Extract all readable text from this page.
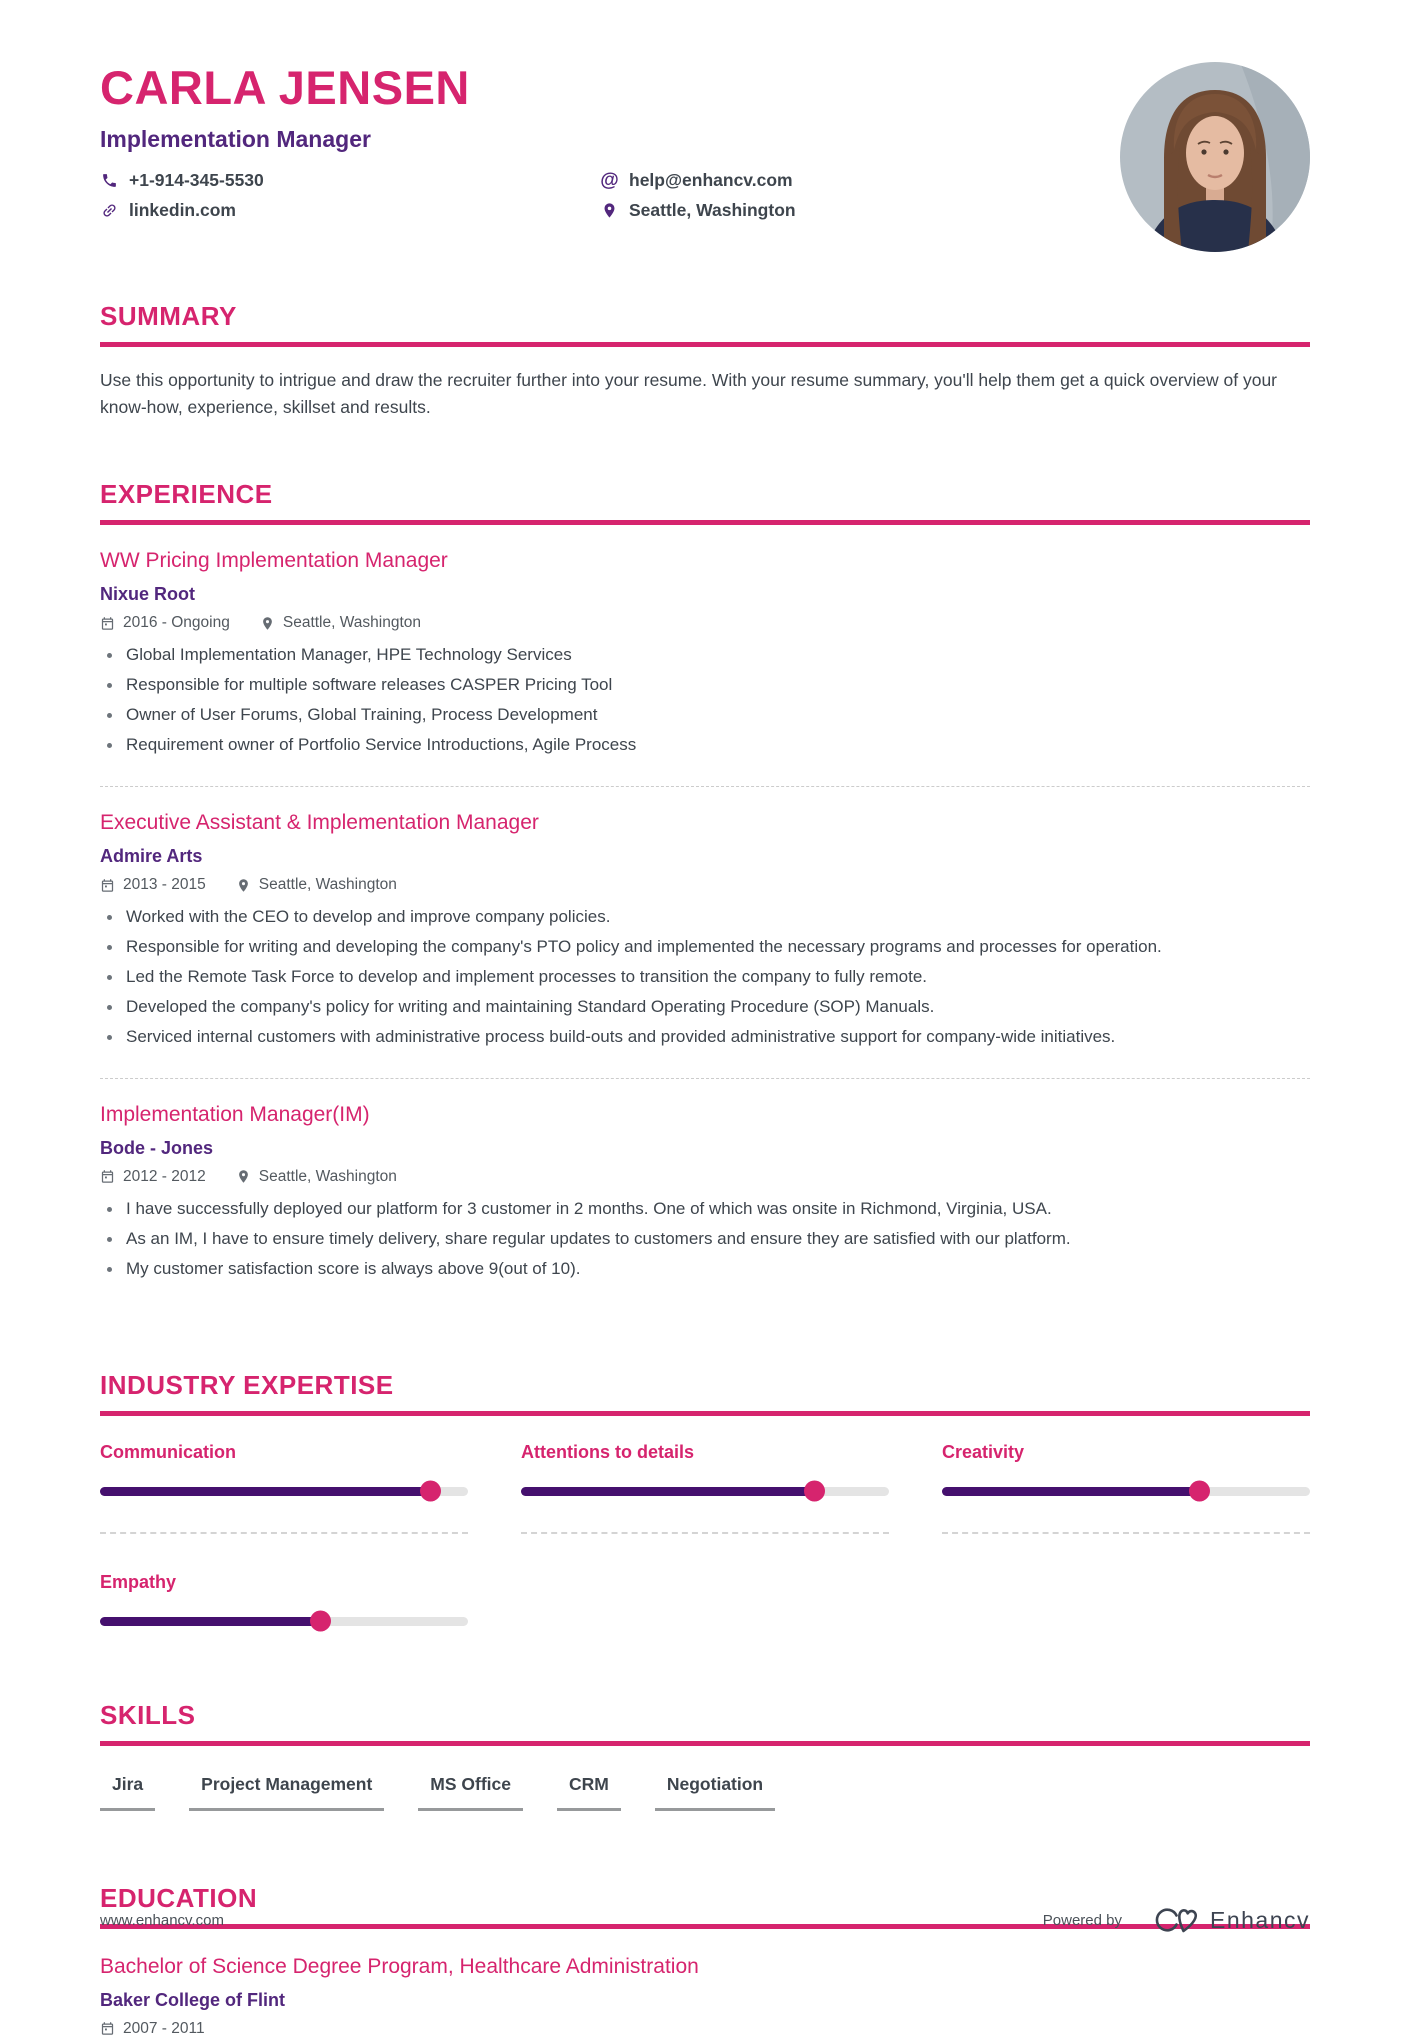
CARLA JENSEN
Implementation Manager
+1-914-345-5530	@ help@enhancv.com
linkedin.com	Seattle, Washington
SUMMARY

Use this opportunity to intrigue and draw the recruiter further into your resume. With your resume summary, you'll help them get a quick overview of your know-how, experience, skillset and results.

EXPERIENCE
WW Pricing Implementation Manager
Nixue Root
2016 - Ongoing	Seattle, Washington
Global Implementation Manager, HPE Technology Services
Responsible for multiple software releases CASPER Pricing Tool
Owner of User Forums, Global Training, Process Development
Requirement owner of Portfolio Service Introductions, Agile Process
Executive Assistant & Implementation Manager
Admire Arts
2013 - 2015	Seattle, Washington
Worked with the CEO to develop and improve company policies.
Responsible for writing and developing the company's PTO policy and implemented the necessary programs and processes for operation.
Led the Remote Task Force to develop and implement processes to transition the company to fully remote.
Developed the company's policy for writing and maintaining Standard Operating Procedure (SOP) Manuals.
Serviced internal customers with administrative process build-outs and provided administrative support for company-wide initiatives.
Implementation Manager(IM)
Bode - Jones
2012 - 2012	Seattle, Washington
I have successfully deployed our platform for 3 customer in 2 months. One of which was onsite in Richmond, Virginia, USA.
As an IM, I have to ensure timely delivery, share regular updates to customers and ensure they are satisfied with our platform.
My customer satisfaction score is always above 9(out of 10).
INDUSTRY EXPERTISE
Communication	Attentions to details	Creativity
Empathy
SKILLS
Jira	Project Management	MS Office	CRM	Negotiation
EDUCATION
Bachelor of Science Degree Program, Healthcare Administration
Baker College of Flint
2007 - 2011
www.enhancv.com	Powered by	Enhancv
